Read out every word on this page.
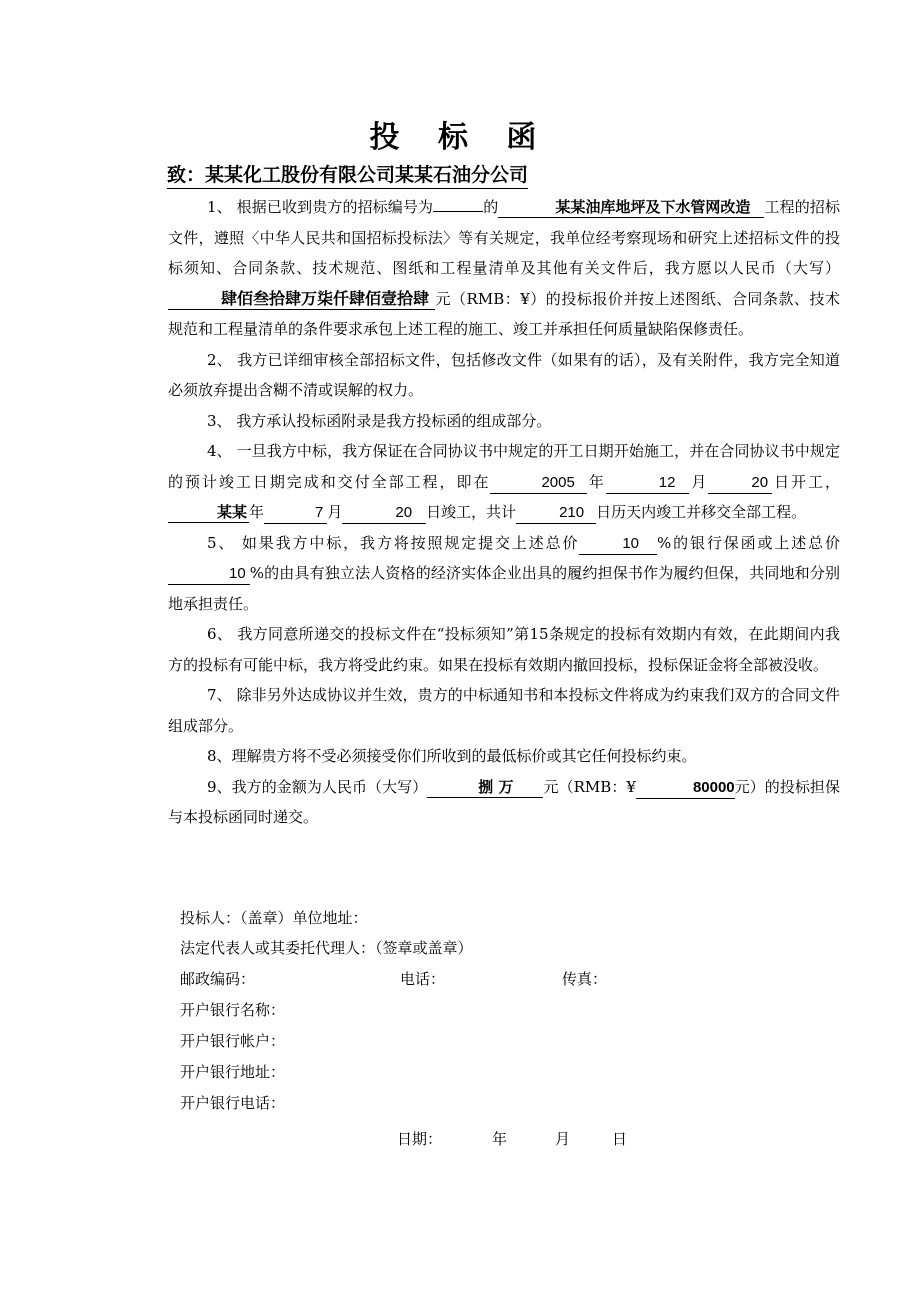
投 标 函
致：某某化工股份有限公司某某石油分公司

1、 根据已收到贵方的招标编号为	的	某某油库地坪及下水管网改造 工程的招标文件，遵照〈中华人民共和国招标投标法〉等有关规定，我单位经考察现场和研究上述招标文件的投标须知、合同条款、技术规范、图纸和工程量清单及其他有关文件后，我方愿以人民币（大写）肆佰叁拾肆万柒仟肆佰壹拾肆 元（RMB：¥）的投标报价并按上述图纸、合同条款、技术规范和工程量清单的条件要求承包上述工程的施工、竣工并承担任何质量缺陷保修责任。

2、 我方已详细审核全部招标文件，包括修改文件（如果有的话），及有关附件，我方完全知道必须放弃提出含糊不清或误解的权力。

3、 我方承认投标函附录是我方投标函的组成部分。

4、 一旦我方中标，我方保证在合同协议书中规定的开工日期开始施工，并在合同协议书中规定的预计竣工日期完成和交付全部工程，即在	2005 年	12 月	20 日开工，某某 年	7 月	20 日竣工，共计	210 日历天内竣工并移交全部工程。

5、 如果我方中标，我方将按照规定提交上述总价	10 %的银行保函或上述总价10 %的由具有独立法人资格的经济实体企业出具的履约担保书作为履约但保，共同地和分别地承担责任。

6、 我方同意所递交的投标文件在“投标须知”第15条规定的投标有效期内有效，在此期间内我方的投标有可能中标，我方将受此约束。如果在投标有效期内撤回投标，投标保证金将全部被没收。

7、 除非另外达成协议并生效，贵方的中标通知书和本投标文件将成为约束我们双方的合同文件组成部分。

8、理解贵方将不受必须接受你们所收到的最低标价或其它任何投标约束。

9、我方的金额为人民币（大写）	捌 万 元（RMB：¥	80000元）的投标担保与本投标函同时递交。

投标人：（盖章）单位地址：
法定代表人或其委托代理人：（签章或盖章）
邮政编码：	电话：	传真：
开户银行名称：
开户银行帐户：
开户银行地址：
开户银行电话：
日期：	年	月	日
